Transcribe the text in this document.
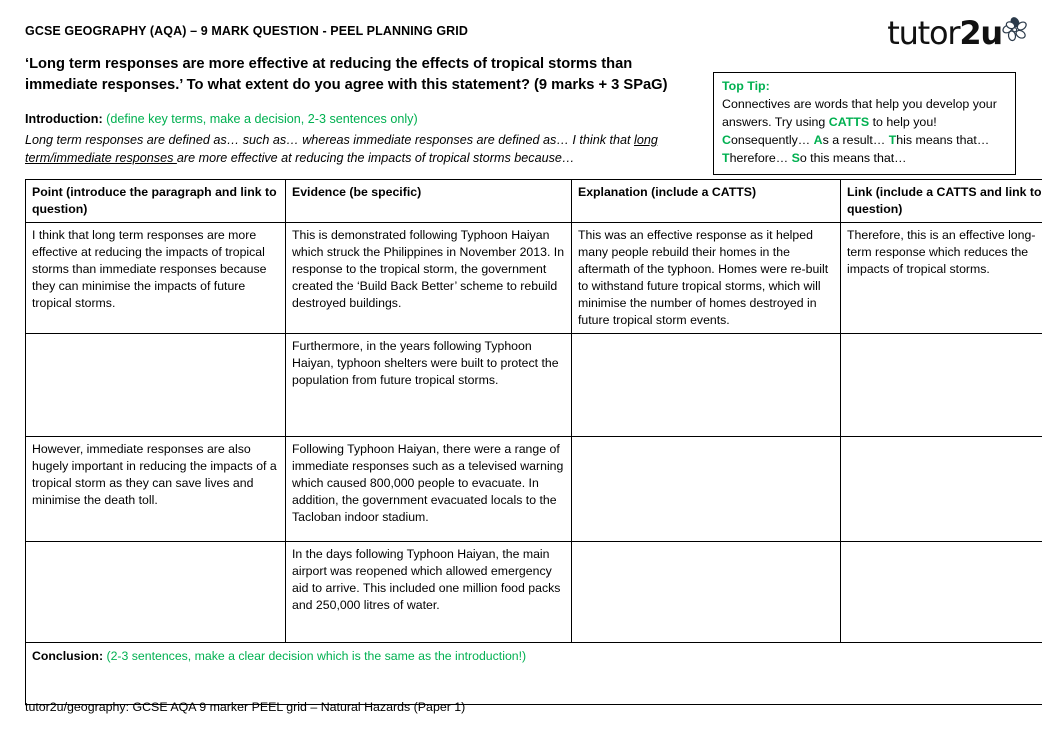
GCSE GEOGRAPHY (AQA) – 9 MARK QUESTION - PEEL PLANNING GRID
‘Long term responses are more effective at reducing the effects of tropical storms than immediate responses.’ To what extent do you agree with this statement? (9 marks + 3 SPaG)
tutor2u
Top Tip:
Connectives are words that help you develop your answers. Try using CATTS to help you! Consequently… As a result… This means that… Therefore… So this means that…
Introduction: (define key terms, make a decision, 2-3 sentences only)
Long term responses are defined as… such as… whereas immediate responses are defined as… I think that long term/immediate responses are more effective at reducing the impacts of tropical storms because…
Point (introduce the paragraph and link to question)	Evidence (be specific)	Explanation (include a CATTS)	Link (include a CATTS and link to question)
I think that long term responses are more effective at reducing the impacts of tropical storms than immediate responses because they can minimise the impacts of future tropical storms.	This is demonstrated following Typhoon Haiyan which struck the Philippines in November 2013. In response to the tropical storm, the government created the ‘Build Back Better’ scheme to rebuild destroyed buildings.	This was an effective response as it helped many people rebuild their homes in the aftermath of the typhoon. Homes were re-built to withstand future tropical storms, which will minimise the number of homes destroyed in future tropical storm events.	Therefore, this is an effective long-term response which reduces the impacts of tropical storms.
	Furthermore, in the years following Typhoon Haiyan, typhoon shelters were built to protect the population from future tropical storms.		
However, immediate responses are also hugely important in reducing the impacts of a tropical storm as they can save lives and minimise the death toll.	Following Typhoon Haiyan, there were a range of immediate responses such as a televised warning which caused 800,000 people to evacuate. In addition, the government evacuated locals to the Tacloban indoor stadium.		
	In the days following Typhoon Haiyan, the main airport was reopened which allowed emergency aid to arrive. This included one million food packs and 250,000 litres of water.		
Conclusion: (2-3 sentences, make a clear decision which is the same as the introduction!)			
tutor2u/geography: GCSE AQA 9 marker PEEL grid – Natural Hazards (Paper 1)
